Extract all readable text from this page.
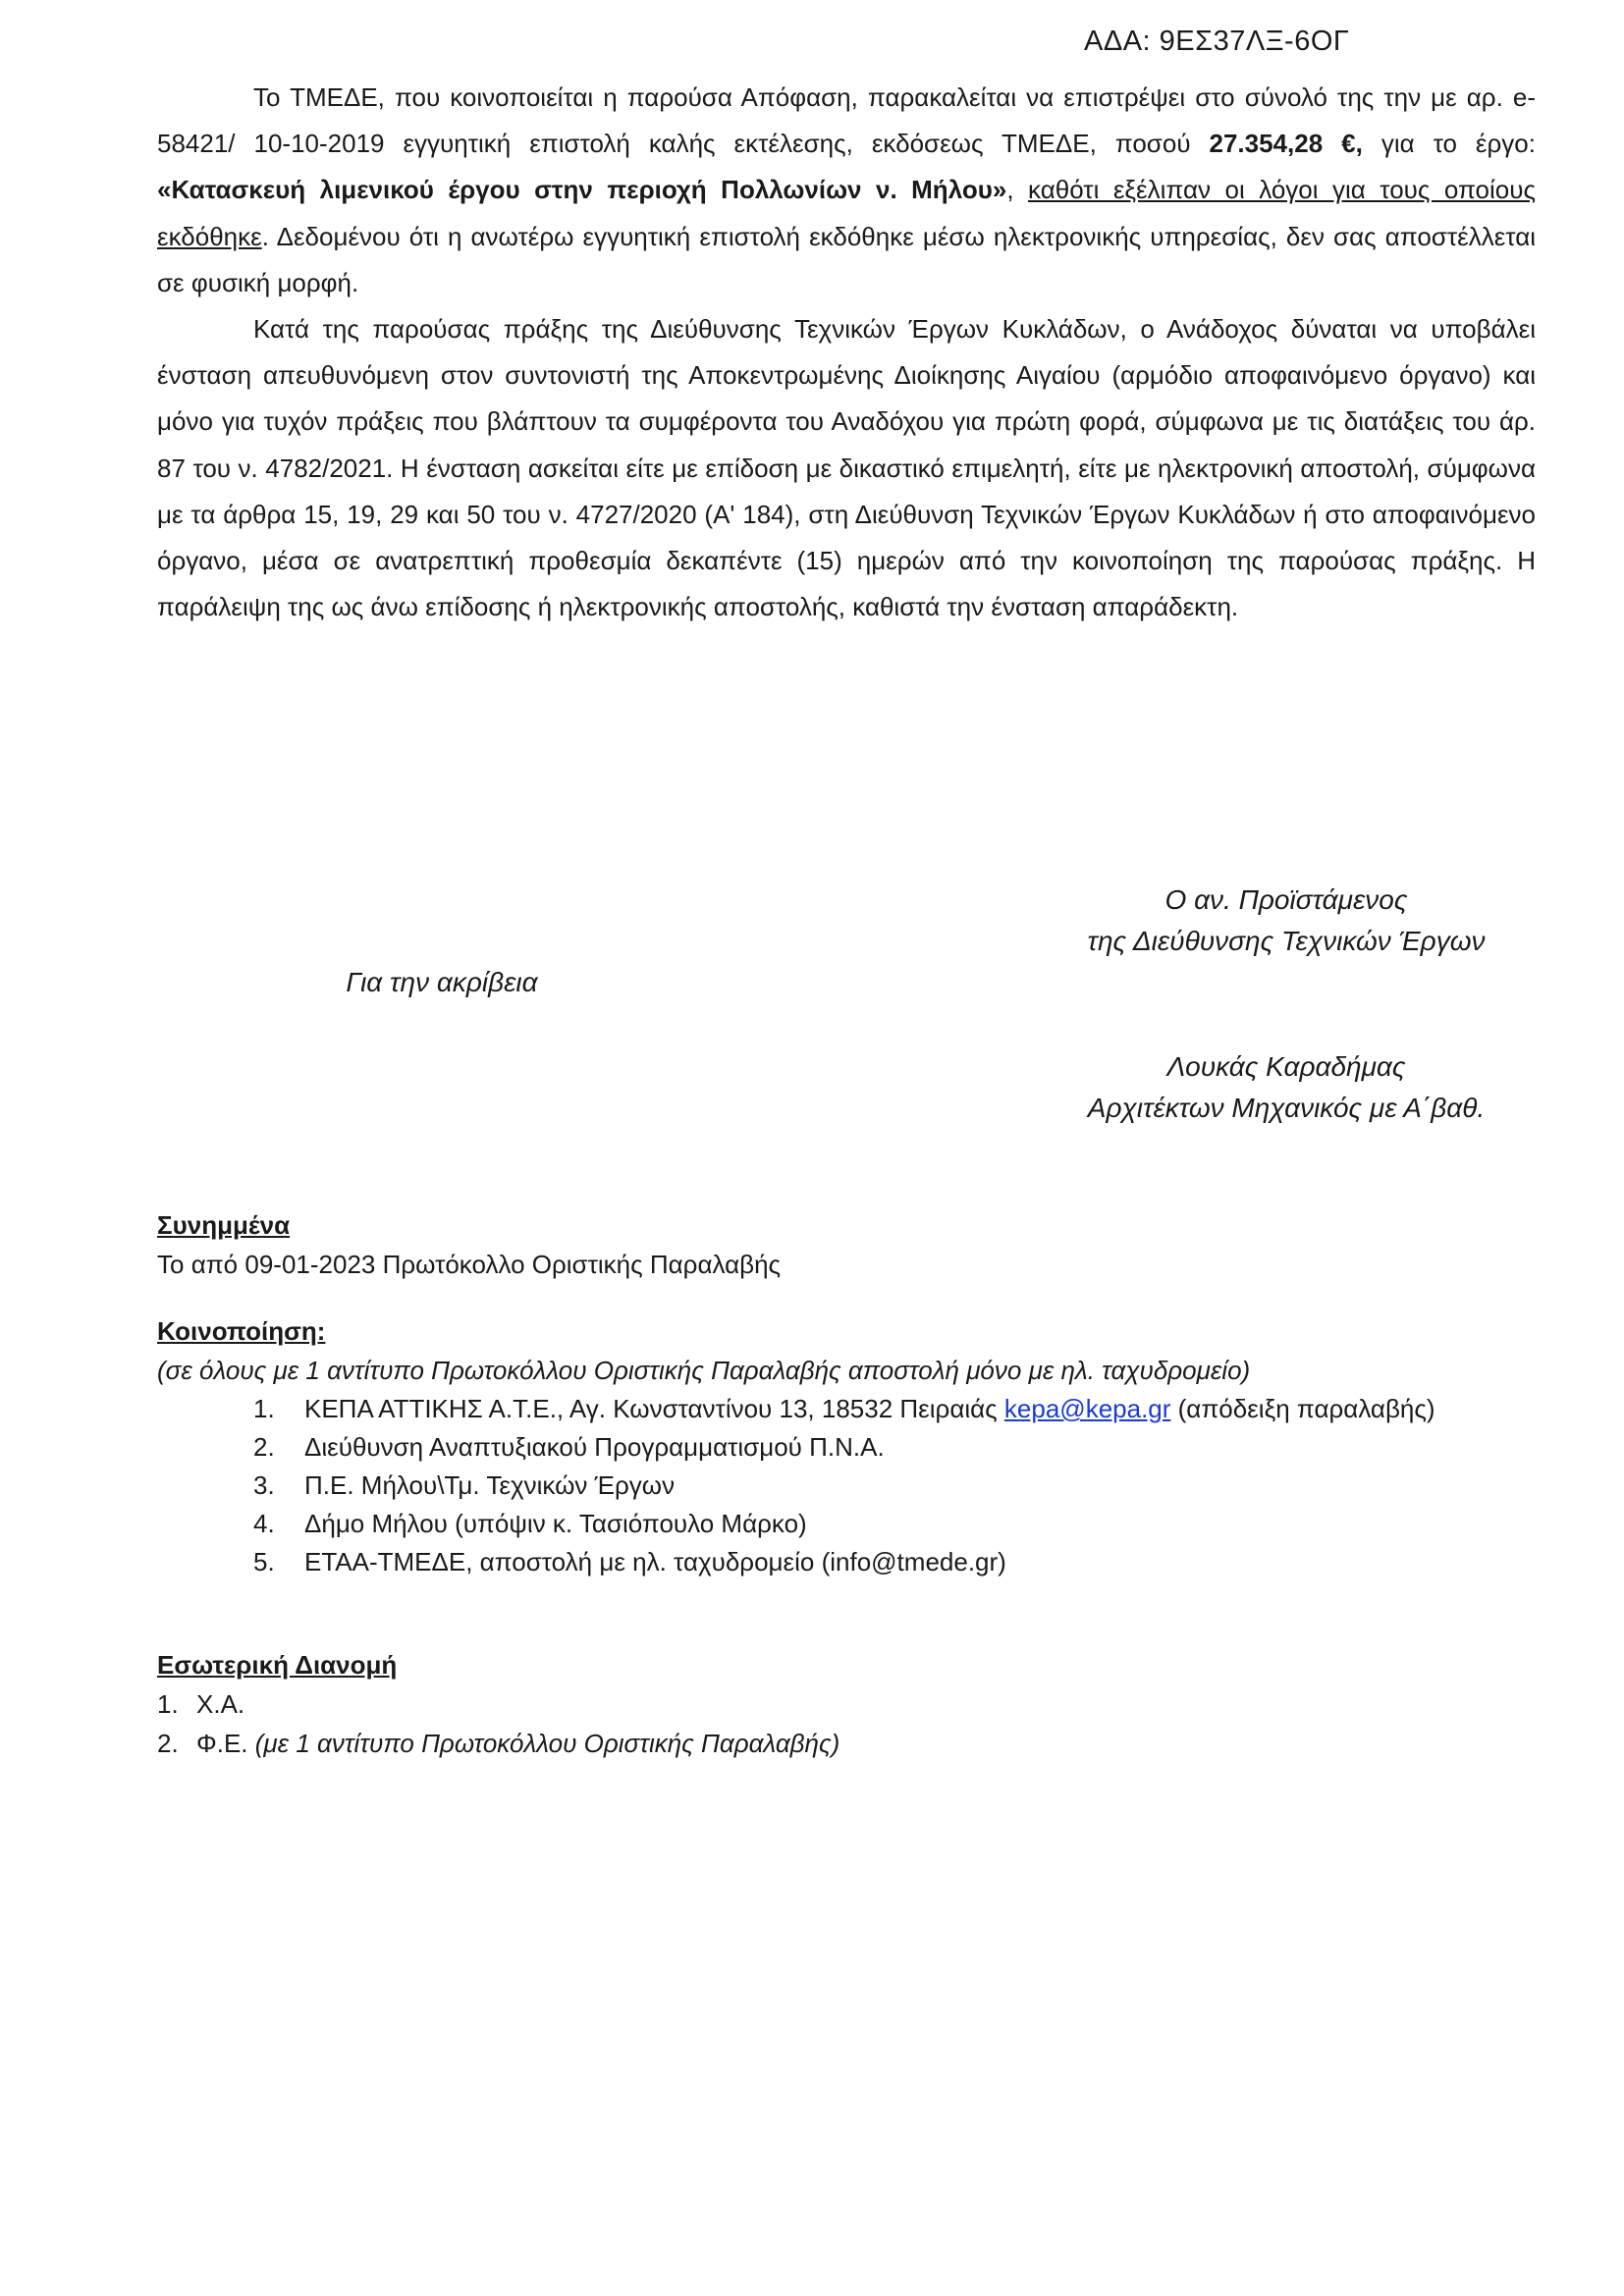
ΑΔΑ: 9ΕΣ37ΛΞ-6ΟΓ

Το ΤΜΕΔΕ, που κοινοποιείται η παρούσα Απόφαση, παρακαλείται να επιστρέψει στο σύνολό της την με αρ. e-58421/ 10-10-2019 εγγυητική επιστολή καλής εκτέλεσης, εκδόσεως ΤΜΕΔΕ, ποσού 27.354,28 €, για το έργο: «Κατασκευή λιμενικού έργου στην περιοχή Πολλωνίων ν. Μήλου», καθότι εξέλιπαν οι λόγοι για τους οποίους εκδόθηκε. Δεδομένου ότι η ανωτέρω εγγυητική επιστολή εκδόθηκε μέσω ηλεκτρονικής υπηρεσίας, δεν σας αποστέλλεται σε φυσική μορφή.

Κατά της παρούσας πράξης της Διεύθυνσης Τεχνικών Έργων Κυκλάδων, ο Ανάδοχος δύναται να υποβάλει ένσταση απευθυνόμενη στον συντονιστή της Αποκεντρωμένης Διοίκησης Αιγαίου (αρμόδιο αποφαινόμενο όργανο) και μόνο για τυχόν πράξεις που βλάπτουν τα συμφέροντα του Αναδόχου για πρώτη φορά, σύμφωνα με τις διατάξεις του άρ. 87 του ν. 4782/2021. Η ένσταση ασκείται είτε με επίδοση με δικαστικό επιμελητή, είτε με ηλεκτρονική αποστολή, σύμφωνα με τα άρθρα 15, 19, 29 και 50 του ν. 4727/2020 (Α' 184), στη Διεύθυνση Τεχνικών Έργων Κυκλάδων ή στο αποφαινόμενο όργανο, μέσα σε ανατρεπτική προθεσμία δεκαπέντε (15) ημερών από την κοινοποίηση της παρούσας πράξης. Η παράλειψη της ως άνω επίδοσης ή ηλεκτρονικής αποστολής, καθιστά την ένσταση απαράδεκτη.

Ο αν. Προϊστάμενος
της Διεύθυνσης Τεχνικών Έργων
Για την ακρίβεια
Λουκάς Καραδήμας
Αρχιτέκτων Μηχανικός με Α΄βαθ.

Συνημμένα

Το από 09-01-2023 Πρωτόκολλο Οριστικής Παραλαβής

Κοινοποίηση:

(σε όλους με 1 αντίτυπο Πρωτοκόλλου Οριστικής Παραλαβής αποστολή μόνο με ηλ. ταχυδρομείο)

1. ΚΕΠΑ ΑΤΤΙΚΗΣ Α.Τ.Ε., Αγ. Κωνσταντίνου 13, 18532 Πειραιάς kepa@kepa.gr (απόδειξη παραλαβής)
2. Διεύθυνση Αναπτυξιακού Προγραμματισμού Π.Ν.Α.
3. Π.Ε. Μήλου\Τμ. Τεχνικών Έργων
4. Δήμο Μήλου (υπόψιν κ. Τασιόπουλο Μάρκο)
5. ΕΤΑΑ-ΤΜΕΔΕ, αποστολή με ηλ. ταχυδρομείο (info@tmede.gr)

Εσωτερική Διανομή

1. Χ.Α.
2. Φ.Ε. (με 1 αντίτυπο Πρωτοκόλλου Οριστικής Παραλαβής)
